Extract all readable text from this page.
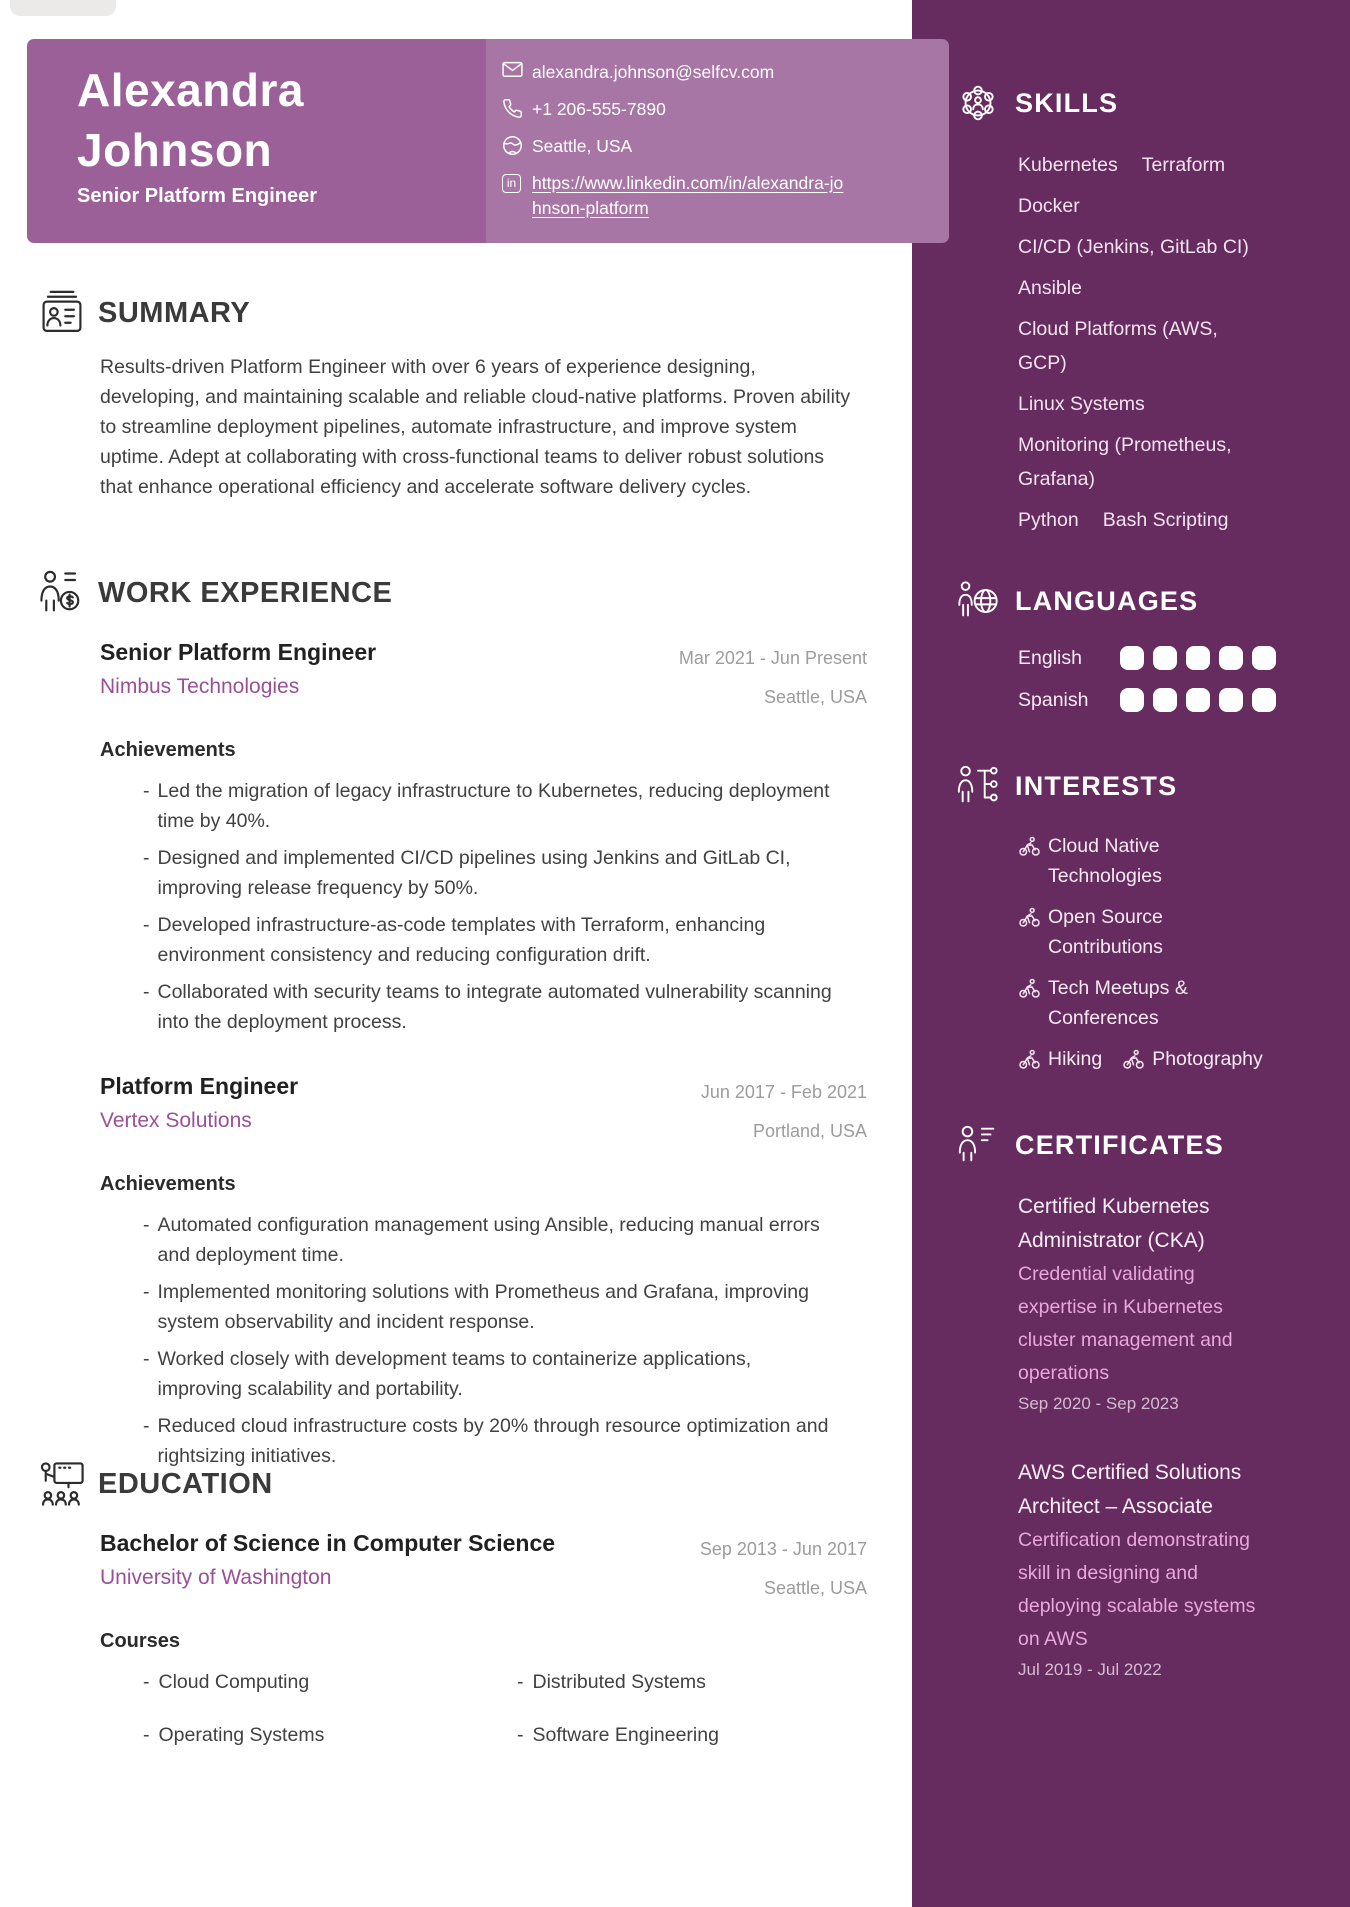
SKILLS
Kubernetes Terraform
Docker
CI/CD (Jenkins, GitLab CI)
Ansible
Cloud Platforms (AWS, GCP)
Linux Systems
Monitoring (Prometheus, Grafana)
Python Bash Scripting
LANGUAGES
English
Spanish
INTERESTS
Cloud Native Technologies
Open Source Contributions
Tech Meetups & Conferences
Hiking	Photography
CERTIFICATES
Certified Kubernetes Administrator (CKA)
Credential validating expertise in Kubernetes cluster management and operations
Sep 2020 - Sep 2023
AWS Certified Solutions Architect – Associate
Certification demonstrating skill in designing and deploying scalable systems on AWS
Jul 2019 - Jul 2022
Alexandra Johnson
Senior Platform Engineer
alexandra.johnson@selfcv.com
+1 206-555-7890
Seattle, USA
in https://www.linkedin.com/in/alexandra-johnson-platform
SUMMARY

Results-driven Platform Engineer with over 6 years of experience designing, developing, and maintaining scalable and reliable cloud-native platforms. Proven ability to streamline deployment pipelines, automate infrastructure, and improve system uptime. Adept at collaborating with cross-functional teams to deliver robust solutions that enhance operational efficiency and accelerate software delivery cycles.

WORK EXPERIENCE
Senior Platform Engineer
Nimbus Technologies
Mar 2021 - Jun Present
Seattle, USA
Achievements
- Led the migration of legacy infrastructure to Kubernetes, reducing deployment time by 40%.
- Designed and implemented CI/CD pipelines using Jenkins and GitLab CI, improving release frequency by 50%.
- Developed infrastructure-as-code templates with Terraform, enhancing environment consistency and reducing configuration drift.
- Collaborated with security teams to integrate automated vulnerability scanning into the deployment process.
Platform Engineer
Vertex Solutions
Jun 2017 - Feb 2021
Portland, USA
Achievements
- Automated configuration management using Ansible, reducing manual errors and deployment time.
- Implemented monitoring solutions with Prometheus and Grafana, improving system observability and incident response.
- Worked closely with development teams to containerize applications, improving scalability and portability.
- Reduced cloud infrastructure costs by 20% through resource optimization and rightsizing initiatives.
EDUCATION
Bachelor of Science in Computer Science
University of Washington
Sep 2013 - Jun 2017
Seattle, USA
Courses
- Cloud Computing	- Distributed Systems
- Operating Systems	- Software Engineering
